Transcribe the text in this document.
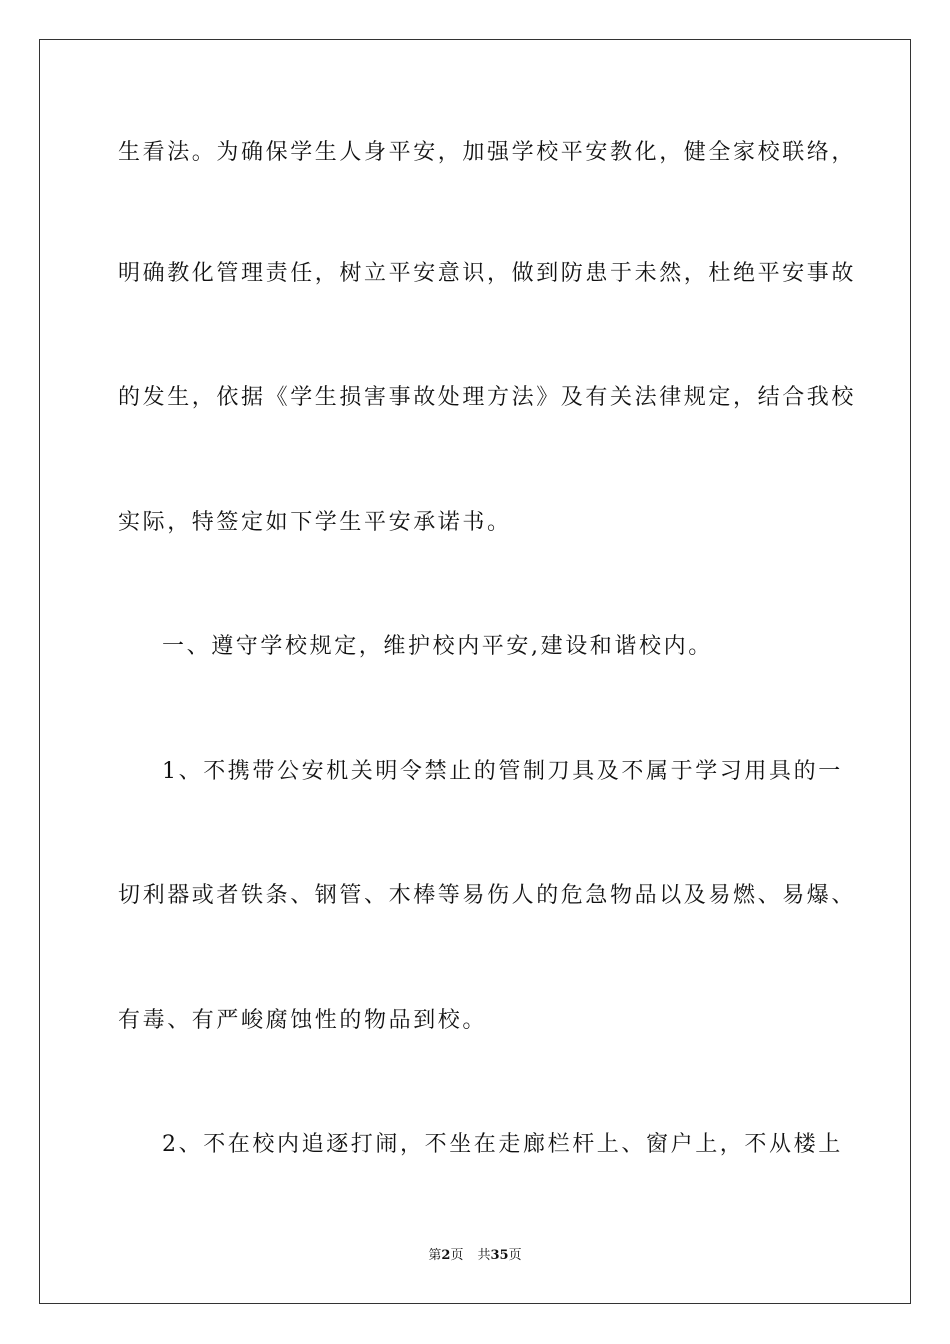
生看法。为确保学生人身平安，加强学校平安教化，健全家校联络，
明确教化管理责任，树立平安意识，做到防患于未然，杜绝平安事故
的发生，依据《学生损害事故处理方法》及有关法律规定，结合我校
实际，特签定如下学生平安承诺书。
一、遵守学校规定，维护校内平安,建设和谐校内。
1、不携带公安机关明令禁止的管制刀具及不属于学习用具的一
切利器或者铁条、钢管、木棒等易伤人的危急物品以及易燃、易爆、
有毒、有严峻腐蚀性的物品到校。
2、不在校内追逐打闹，不坐在走廊栏杆上、窗户上，不从楼上
第2页 共35页
